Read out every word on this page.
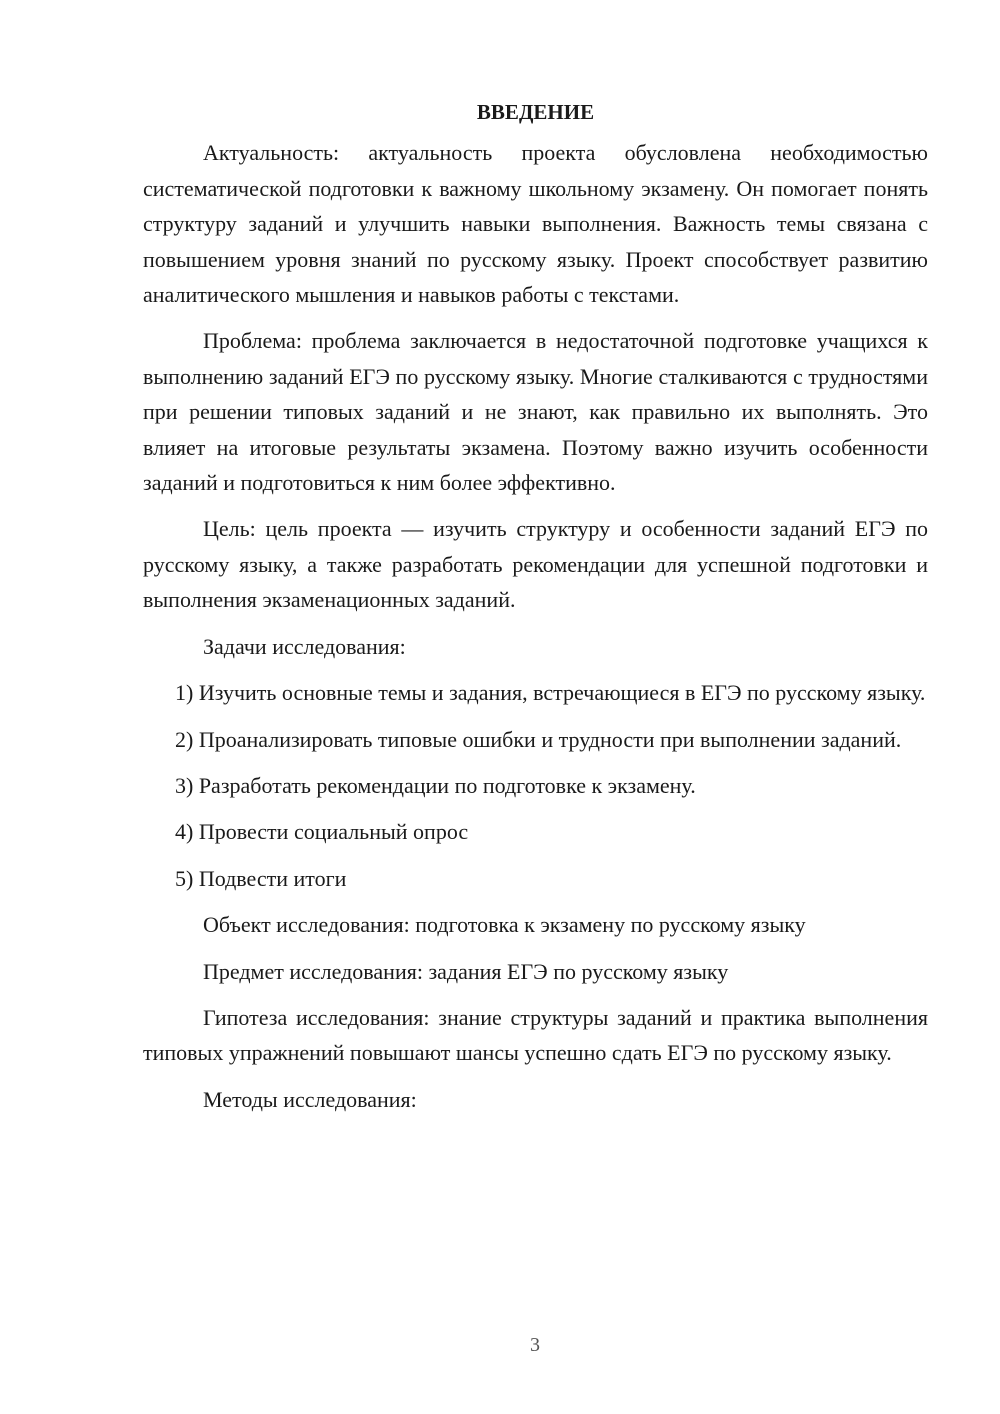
ВВЕДЕНИЕ

Актуальность: актуальность проекта обусловлена необходимостью систематической подготовки к важному школьному экзамену. Он помогает понять структуру заданий и улучшить навыки выполнения. Важность темы связана с повышением уровня знаний по русскому языку. Проект способствует развитию аналитического мышления и навыков работы с текстами.

Проблема: проблема заключается в недостаточной подготовке учащихся к выполнению заданий ЕГЭ по русскому языку. Многие сталкиваются с трудностями при решении типовых заданий и не знают, как правильно их выполнять. Это влияет на итоговые результаты экзамена. Поэтому важно изучить особенности заданий и подготовиться к ним более эффективно.

Цель: цель проекта — изучить структуру и особенности заданий ЕГЭ по русскому языку, а также разработать рекомендации для успешной подготовки и выполнения экзаменационных заданий.

Задачи исследования:

1) Изучить основные темы и задания, встречающиеся в ЕГЭ по русскому языку.

2) Проанализировать типовые ошибки и трудности при выполнении заданий.

3) Разработать рекомендации по подготовке к экзамену.

4) Провести социальный опрос

5) Подвести итоги

Объект исследования: подготовка к экзамену по русскому языку

Предмет исследования: задания ЕГЭ по русскому языку

Гипотеза исследования: знание структуры заданий и практика выполнения типовых упражнений повышают шансы успешно сдать ЕГЭ по русскому языку.

Методы исследования:

3
